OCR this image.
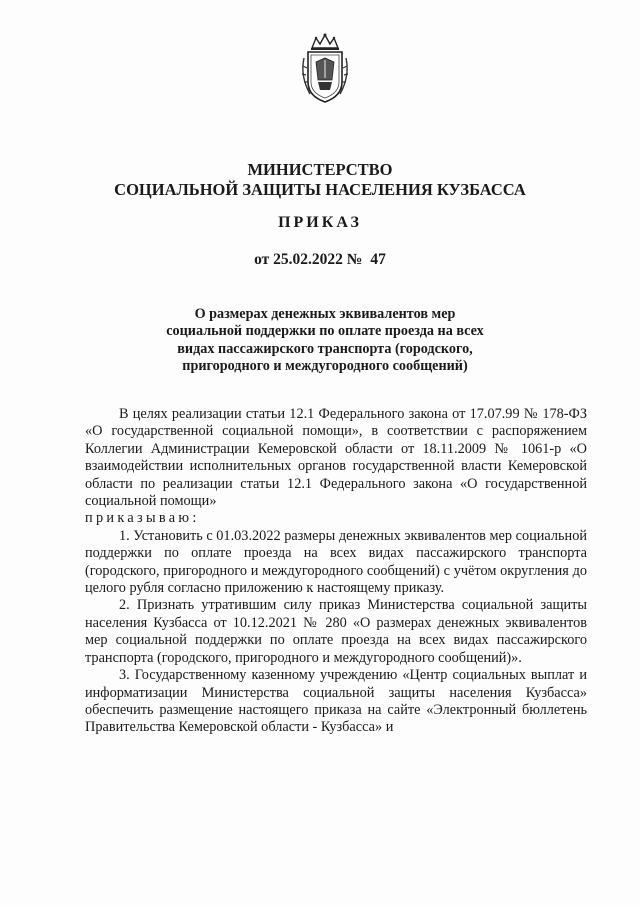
МИНИСТЕРСТВО
СОЦИАЛЬНОЙ ЗАЩИТЫ НАСЕЛЕНИЯ КУЗБАССА
ПРИКАЗ
от 25.02.2022 № 47
О размерах денежных эквивалентов мер
социальной поддержки по оплате проезда на всех
видах пассажирского транспорта (городского,
пригородного и междугородного сообщений)

В целях реализации статьи 12.1 Федерального закона от 17.07.99 № 178-ФЗ «О государственной социальной помощи», в соответствии с распоряжением Коллегии Администрации Кемеровской области от 18.11.2009 № 1061-р «О взаимодействии исполнительных органов государственной власти Кемеровской области по реализации статьи 12.1 Федерального закона «О государственной социальной помощи»

приказываю:

1. Установить с 01.03.2022 размеры денежных эквивалентов мер социальной поддержки по оплате проезда на всех видах пассажирского транспорта (городского, пригородного и междугородного сообщений) с учётом округления до целого рубля согласно приложению к настоящему приказу.

2. Признать утратившим силу приказ Министерства социальной защиты населения Кузбасса от 10.12.2021 № 280 «О размерах денежных эквивалентов мер социальной поддержки по оплате проезда на всех видах пассажирского транспорта (городского, пригородного и междугородного сообщений)».

3. Государственному казенному учреждению «Центр социальных выплат и информатизации Министерства социальной защиты населения Кузбасса» обеспечить размещение настоящего приказа на сайте «Электронный бюллетень Правительства Кемеровской области - Кузбасса» и
